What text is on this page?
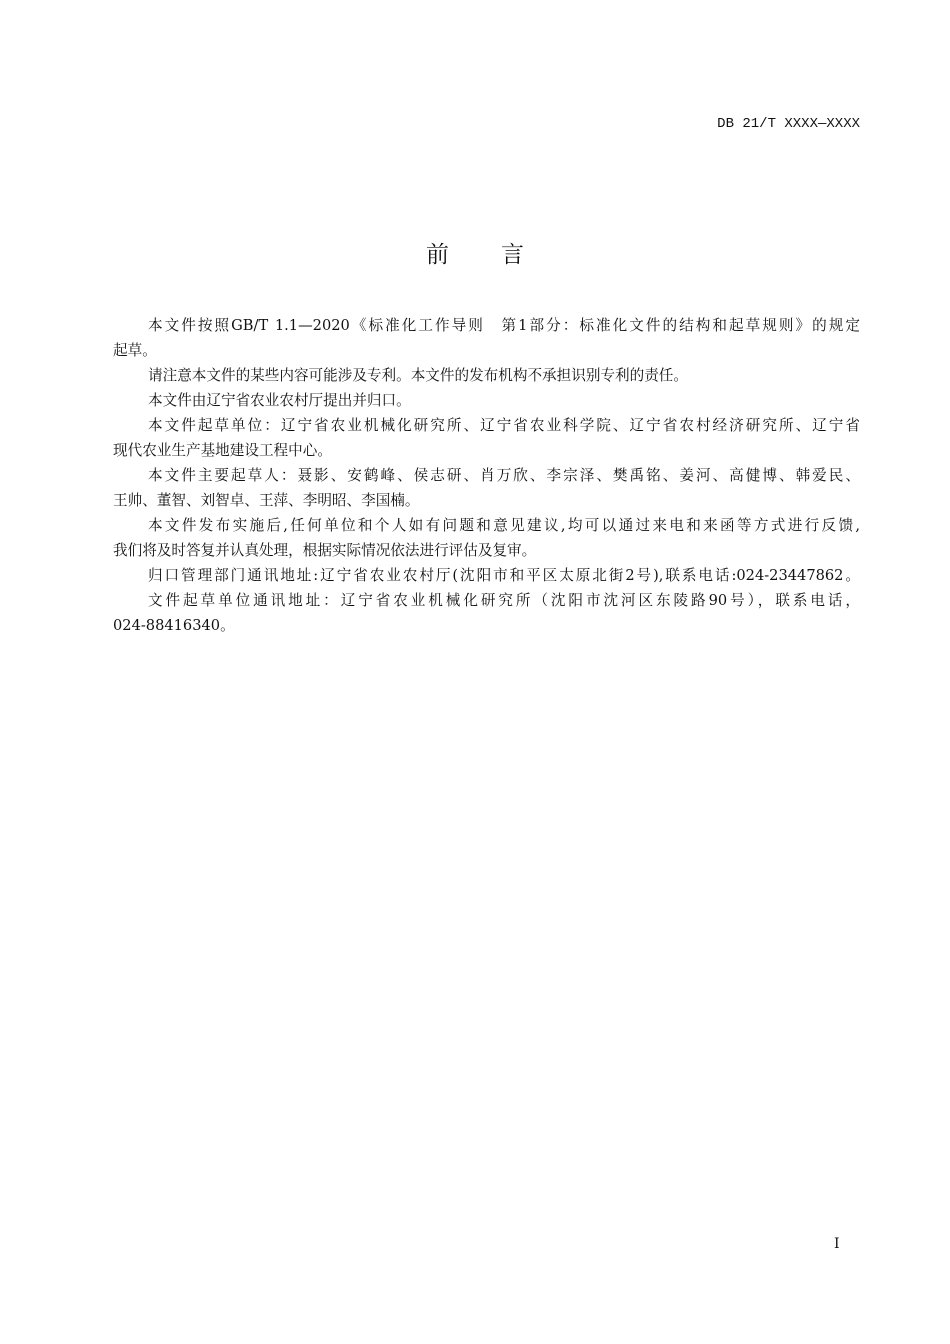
DB 21/T XXXX—XXXX
前 言
本文件按照GB/T 1.1—2020《标准化工作导则　第1部分：标准化文件的结构和起草规则》的规定
起草。
请注意本文件的某些内容可能涉及专利。本文件的发布机构不承担识别专利的责任。
本文件由辽宁省农业农村厅提出并归口。
本文件起草单位：辽宁省农业机械化研究所、辽宁省农业科学院、辽宁省农村经济研究所、辽宁省
现代农业生产基地建设工程中心。
本文件主要起草人：聂影、安鹤峰、侯志研、肖万欣、李宗泽、樊禹铭、姜河、高健博、韩爱民、
王帅、董智、刘智卓、王萍、李明昭、李国楠。
本文件发布实施后,任何单位和个人如有问题和意见建议,均可以通过来电和来函等方式进行反馈,
我们将及时答复并认真处理，根据实际情况依法进行评估及复审。
归口管理部门通讯地址:辽宁省农业农村厅(沈阳市和平区太原北街2号),联系电话:024-23447862。
文件起草单位通讯地址：辽宁省农业机械化研究所（沈阳市沈河区东陵路90号），联系电话，
024-88416340。
I
